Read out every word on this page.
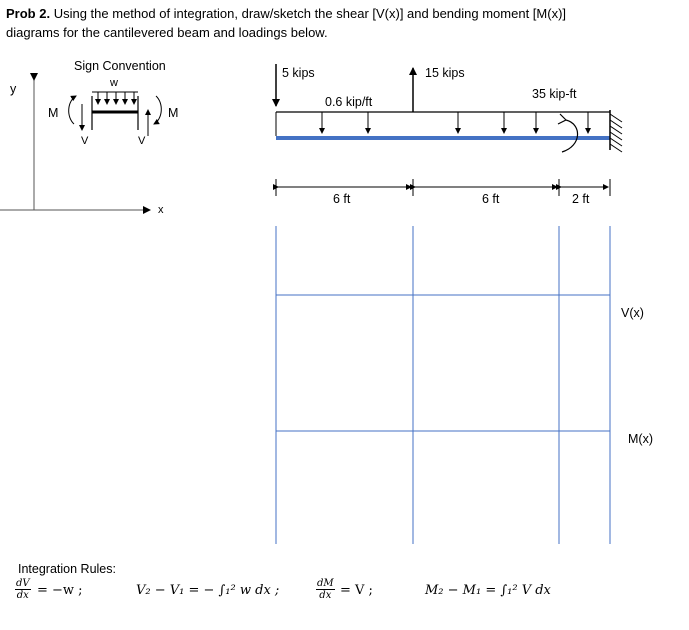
Prob 2. Using the method of integration, draw/sketch the shear [V(x)] and bending moment [M(x)]
diagrams for the cantilevered beam and loadings below.
Sign Convention
w
M	M
V	V
y
x
5 kips	15 kips
0.6 kip/ft
35 kip-ft
6 ft	6 ft	2 ft
V(x)
M(x)
Integration Rules:
$\frac{dV}{dx} = -w$ ;	V₂ − V₁ = − ∫₁² w dx ;	$\frac{dM}{dx} = V$ ;	M₂ − M₁ = ∫₁² V dx
